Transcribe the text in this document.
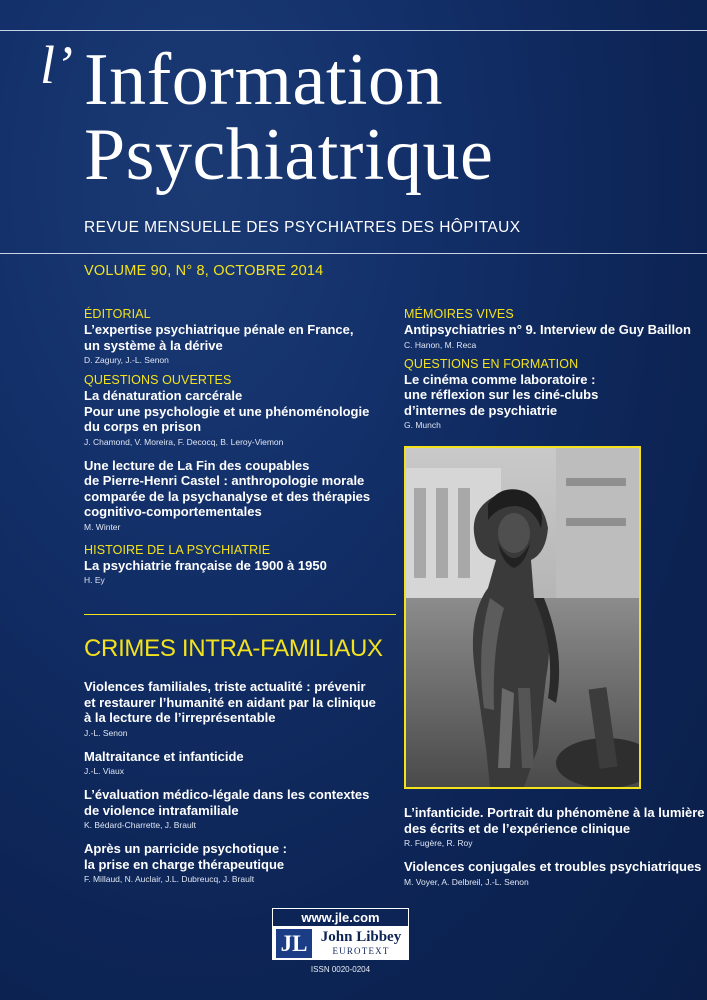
l’ Information
Psychiatrique
REVUE MENSUELLE DES PSYCHIATRES DES HÔPITAUX
VOLUME 90, N° 8, OCTOBRE 2014
ÉDITORIAL
L’expertise psychiatrique pénale en France,
un système à la dérive
D. Zagury, J.-L. Senon
QUESTIONS OUVERTES
La dénaturation carcérale
Pour une psychologie et une phénoménologie
du corps en prison
J. Chamond, V. Moreira, F. Decocq, B. Leroy-Viemon
Une lecture de La Fin des coupables
de Pierre-Henri Castel : anthropologie morale
comparée de la psychanalyse et des thérapies
cognitivo-comportementales
M. Winter
HISTOIRE DE LA PSYCHIATRIE
La psychiatrie française de 1900 à 1950
H. Ey
MÉMOIRES VIVES
Antipsychiatries n° 9. Interview de Guy Baillon
C. Hanon, M. Reca
QUESTIONS EN FORMATION
Le cinéma comme laboratoire :
une réflexion sur les ciné-clubs
d’internes de psychiatrie
G. Munch
CRIMES INTRA-FAMILIAUX
Violences familiales, triste actualité : prévenir
et restaurer l’humanité en aidant par la clinique
à la lecture de l’irreprésentable
J.-L. Senon
Maltraitance et infanticide
J.-L. Viaux
L’évaluation médico-légale dans les contextes
de violence intrafamiliale
K. Bédard-Charrette, J. Brault
Après un parricide psychotique :
la prise en charge thérapeutique
F. Millaud, N. Auclair, J.L. Dubreucq, J. Brault
L’infanticide. Portrait du phénomène à la lumière
des écrits et de l’expérience clinique
R. Fugère, R. Roy
Violences conjugales et troubles psychiatriques
M. Voyer, A. Delbreil, J.-L. Senon
www.jle.com
JL John Libbey
EUROTEXT
ISSN 0020-0204
